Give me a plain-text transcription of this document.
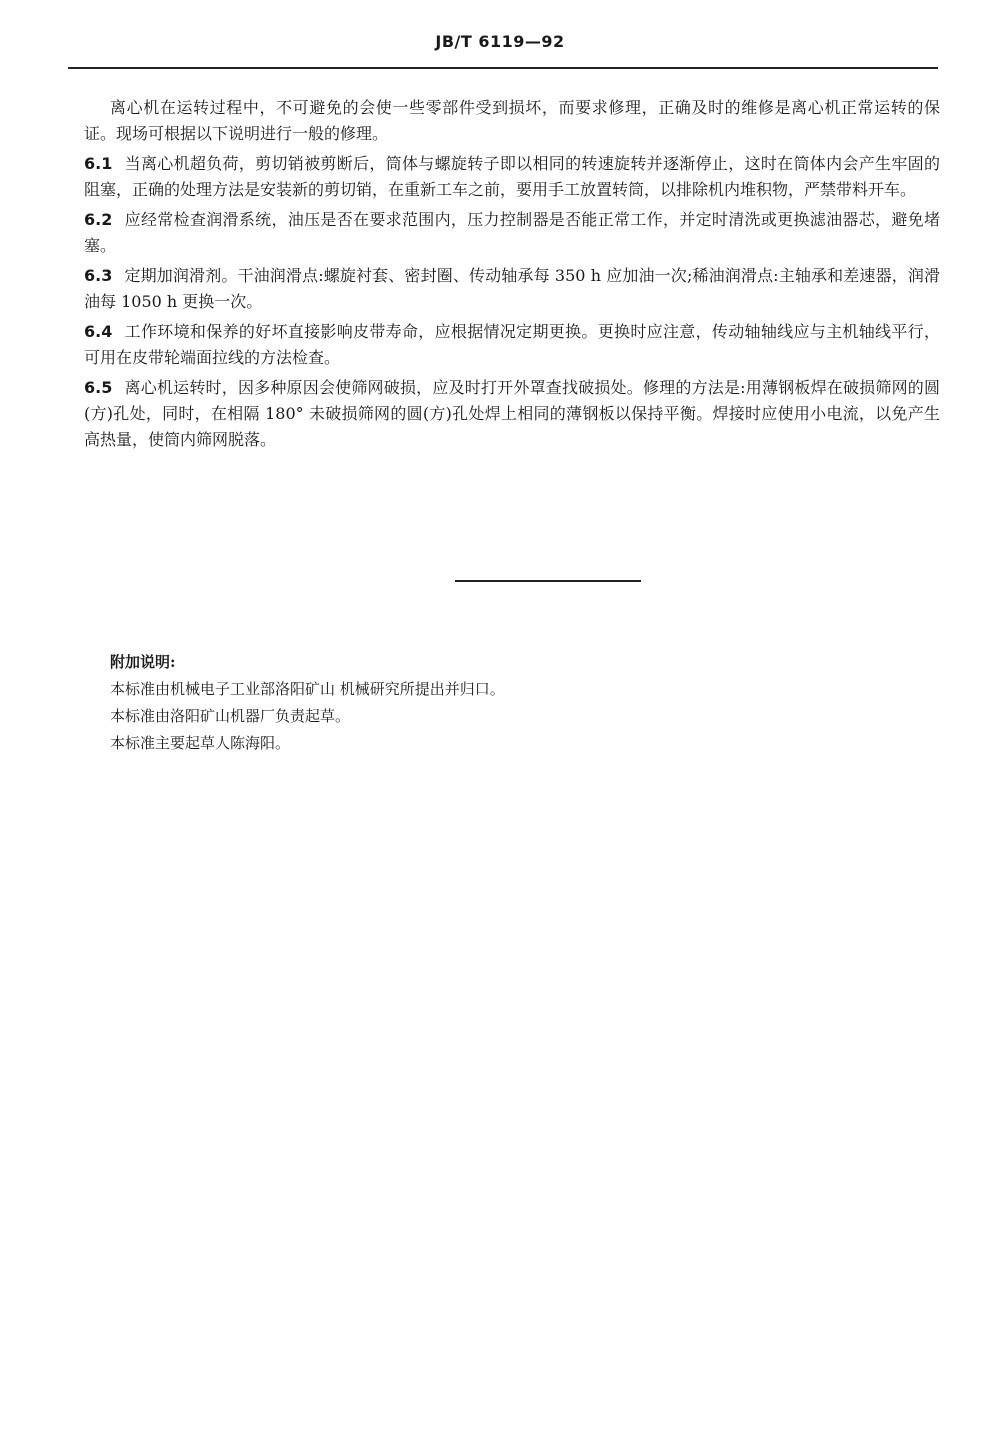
JB/T 6119—92

离心机在运转过程中，不可避免的会使一些零部件受到损坏，而要求修理，正确及时的维修是离心机正常运转的保证。现场可根据以下说明进行一般的修理。

6.1 当离心机超负荷，剪切销被剪断后，筒体与螺旋转子即以相同的转速旋转并逐渐停止，这时在筒体内会产生牢固的阻塞，正确的处理方法是安装新的剪切销，在重新工车之前，要用手工放置转筒，以排除机内堆积物，严禁带料开车。

6.2 应经常检查润滑系统，油压是否在要求范围内，压力控制器是否能正常工作，并定时清洗或更换滤油器芯，避免堵塞。

6.3 定期加润滑剂。干油润滑点:螺旋衬套、密封圈、传动轴承每 350 h 应加油一次;稀油润滑点:主轴承和差速器，润滑油每 1050 h 更换一次。

6.4 工作环境和保养的好坏直接影响皮带寿命，应根据情况定期更换。更换时应注意，传动轴轴线应与主机轴线平行，可用在皮带轮端面拉线的方法检查。

6.5 离心机运转时，因多种原因会使筛网破损，应及时打开外罩查找破损处。修理的方法是:用薄钢板焊在破损筛网的圆(方)孔处，同时，在相隔 180° 未破损筛网的圆(方)孔处焊上相同的薄钢板以保持平衡。焊接时应使用小电流，以免产生高热量，使筒内筛网脱落。

附加说明:
本标准由机械电子工业部洛阳矿山 机械研究所提出并归口。
本标准由洛阳矿山机器厂负责起草。
本标准主要起草人陈海阳。
